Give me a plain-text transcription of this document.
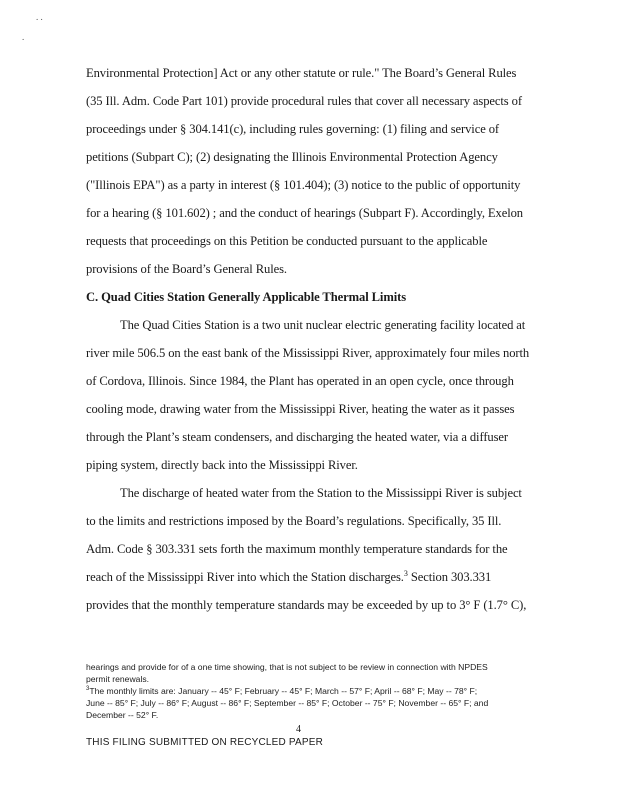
. .
.
Environmental Protection] Act or any other statute or rule." The Board’s General Rules
(35 Ill. Adm. Code Part 101) provide procedural rules that cover all necessary aspects of
proceedings under § 304.141(c), including rules governing: (1) filing and service of
petitions (Subpart C); (2) designating the Illinois Environmental Protection Agency
("Illinois EPA") as a party in interest (§ 101.404); (3) notice to the public of opportunity
for a hearing (§ 101.602) ; and the conduct of hearings (Subpart F). Accordingly, Exelon
requests that proceedings on this Petition be conducted pursuant to the applicable
provisions of the Board’s General Rules.
C. Quad Cities Station Generally Applicable Thermal Limits
The Quad Cities Station is a two unit nuclear electric generating facility located at
river mile 506.5 on the east bank of the Mississippi River, approximately four miles north
of Cordova, Illinois. Since 1984, the Plant has operated in an open cycle, once through
cooling mode, drawing water from the Mississippi River, heating the water as it passes
through the Plant’s steam condensers, and discharging the heated water, via a diffuser
piping system, directly back into the Mississippi River.
The discharge of heated water from the Station to the Mississippi River is subject
to the limits and restrictions imposed by the Board’s regulations. Specifically, 35 Ill.
Adm. Code § 303.331 sets forth the maximum monthly temperature standards for the
reach of the Mississippi River into which the Station discharges.$^3$ Section 303.331
provides that the monthly temperature standards may be exceeded by up to 3° F (1.7° C),
hearings and provide for of a one time showing, that is not subject to be review in connection with NPDES
permit renewals.
$^3$The monthly limits are: January -- 45° F; February -- 45° F; March -- 57° F; April -- 68° F; May -- 78° F;
June -- 85° F; July -- 86° F; August -- 86° F; September -- 85° F; October -- 75° F; November -- 65° F; and
December -- 52° F.
4
THIS FILING SUBMITTED ON RECYCLED PAPER
